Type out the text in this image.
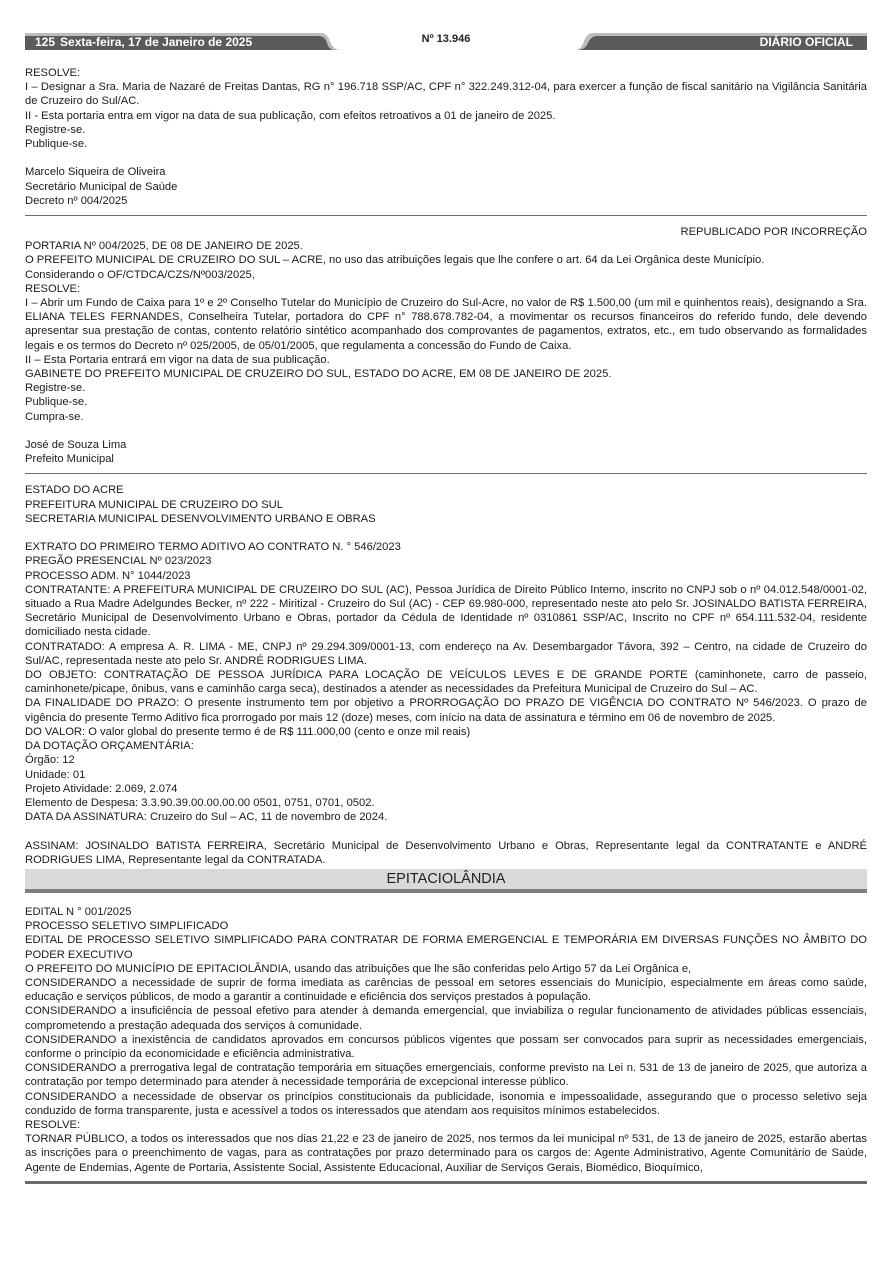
125 Sexta-feira, 17 de Janeiro de 2025	Nº 13.946	DIÁRIO OFICIAL

RESOLVE:

I – Designar a Sra. Maria de Nazaré de Freitas Dantas, RG n° 196.718 SSP/AC, CPF n° 322.249.312-04, para exercer a função de fiscal sanitário na Vigilância Sanitária de Cruzeiro do Sul/AC.

II - Esta portaria entra em vigor na data de sua publicação, com efeitos retroativos a 01 de janeiro de 2025.

Registre-se.

Publique-se.

Marcelo Siqueira de Oliveira

Secretário Municipal de Saúde

Decreto nº 004/2025

REPUBLICADO POR INCORREÇÃO

PORTARIA Nº 004/2025, DE 08 DE JANEIRO DE 2025.

O PREFEITO MUNICIPAL DE CRUZEIRO DO SUL – ACRE, no uso das atribuições legais que lhe confere o art. 64 da Lei Orgânica deste Município.

Considerando o OF/CTDCA/CZS/Nº003/2025,

RESOLVE:

I – Abrir um Fundo de Caixa para 1º e 2º Conselho Tutelar do Município de Cruzeiro do Sul-Acre, no valor de R$ 1.500,00 (um mil e quinhentos reais), designando a Sra. ELIANA TELES FERNANDES, Conselheira Tutelar, portadora do CPF n° 788.678.782-04, a movimentar os recursos financeiros do referido fundo, dele devendo apresentar sua prestação de contas, contento relatório sintético acompanhado dos comprovantes de pagamentos, extratos, etc., em tudo observando as formalidades legais e os termos do Decreto nº 025/2005, de 05/01/2005, que regulamenta a concessão do Fundo de Caixa.

II – Esta Portaria entrará em vigor na data de sua publicação.

GABINETE DO PREFEITO MUNICIPAL DE CRUZEIRO DO SUL, ESTADO DO ACRE, EM 08 DE JANEIRO DE 2025.

Registre-se.

Publique-se.

Cumpra-se.

José de Souza Lima

Prefeito Municipal

ESTADO DO ACRE

PREFEITURA MUNICIPAL DE CRUZEIRO DO SUL

SECRETARIA MUNICIPAL DESENVOLVIMENTO URBANO E OBRAS

EXTRATO DO PRIMEIRO TERMO ADITIVO AO CONTRATO N. ° 546/2023

PREGÃO PRESENCIAL Nº 023/2023

PROCESSO ADM. N° 1044/2023

CONTRATANTE: A PREFEITURA MUNICIPAL DE CRUZEIRO DO SUL (AC), Pessoa Jurídica de Direito Público Interno, inscrito no CNPJ sob o nº 04.012.548/0001-02, situado a Rua Madre Adelgundes Becker, nº 222 - Miritizal - Cruzeiro do Sul (AC) - CEP 69.980-000, representado neste ato pelo Sr. JOSINALDO BATISTA FERREIRA, Secretário Municipal de Desenvolvimento Urbano e Obras, portador da Cédula de Identidade nº 0310861 SSP/AC, Inscrito no CPF nº 654.111.532-04, residente domiciliado nesta cidade.

CONTRATADO: A empresa A. R. LIMA - ME, CNPJ nº 29.294.309/0001-13, com endereço na Av. Desembargador Távora, 392 – Centro, na cidade de Cruzeiro do Sul/AC, representada neste ato pelo Sr. ANDRÉ RODRIGUES LIMA.

DO OBJETO: CONTRATAÇÃO DE PESSOA JURÍDICA PARA LOCAÇÃO DE VEÍCULOS LEVES E DE GRANDE PORTE (caminhonete, carro de passeio, caminhonete/picape, ônibus, vans e caminhão carga seca), destinados a atender as necessidades da Prefeitura Municipal de Cruzeiro do Sul – AC.

DA FINALIDADE DO PRAZO: O presente instrumento tem por objetivo a PRORROGAÇÃO DO PRAZO DE VIGÊNCIA DO CONTRATO Nº 546/2023. O prazo de vigência do presente Termo Aditivo fica prorrogado por mais 12 (doze) meses, com início na data de assinatura e término em 06 de novembro de 2025.

DO VALOR: O valor global do presente termo é de R$ 111.000,00 (cento e onze mil reais)

DA DOTAÇÃO ORÇAMENTÁRIA:

Órgão: 12

Unidade: 01

Projeto Atividade: 2.069, 2.074

Elemento de Despesa: 3.3.90.39.00.00.00.00 0501, 0751, 0701, 0502.

DATA DA ASSINATURA: Cruzeiro do Sul – AC, 11 de novembro de 2024.

ASSINAM: JOSINALDO BATISTA FERREIRA, Secretário Municipal de Desenvolvimento Urbano e Obras, Representante legal da CONTRATANTE e ANDRÉ RODRIGUES LIMA, Representante legal da CONTRATADA.

EPITACIOLÂNDIA

EDITAL N ° 001/2025

PROCESSO SELETIVO SIMPLIFICADO

EDITAL DE PROCESSO SELETIVO SIMPLIFICADO PARA CONTRATAR DE FORMA EMERGENCIAL E TEMPORÁRIA EM DIVERSAS FUNÇÕES NO ÂMBITO DO PODER EXECUTIVO

O PREFEITO DO MUNICÍPIO DE EPITACIOLÂNDIA, usando das atribuições que lhe são conferidas pelo Artigo 57 da Lei Orgânica e,

CONSIDERANDO a necessidade de suprir de forma imediata as carências de pessoal em setores essenciais do Município, especialmente em áreas como saúde, educação e serviços públicos, de modo a garantir a continuidade e eficiência dos serviços prestados à população.

CONSIDERANDO a insuficiência de pessoal efetivo para atender à demanda emergencial, que inviabiliza o regular funcionamento de atividades públicas essenciais, comprometendo a prestação adequada dos serviços à comunidade.

CONSIDERANDO a inexistência de candidatos aprovados em concursos públicos vigentes que possam ser convocados para suprir as necessidades emergenciais, conforme o princípio da economicidade e eficiência administrativa.

CONSIDERANDO a prerrogativa legal de contratação temporária em situações emergenciais, conforme previsto na Lei n. 531 de 13 de janeiro de 2025, que autoriza a contratação por tempo determinado para atender à necessidade temporária de excepcional interesse público.

CONSIDERANDO a necessidade de observar os princípios constitucionais da publicidade, isonomia e impessoalidade, assegurando que o processo seletivo seja conduzido de forma transparente, justa e acessível a todos os interessados que atendam aos requisitos mínimos estabelecidos.

RESOLVE:

TORNAR PÚBLICO, a todos os interessados que nos dias 21,22 e 23 de janeiro de 2025, nos termos da lei municipal nº 531, de 13 de janeiro de 2025, estarão abertas as inscrições para o preenchimento de vagas, para as contratações por prazo determinado para os cargos de: Agente Administrativo, Agente Comunitário de Saúde, Agente de Endemias, Agente de Portaria, Assistente Social, Assistente Educacional, Auxiliar de Serviços Gerais, Biomédico, Bioquímico,
